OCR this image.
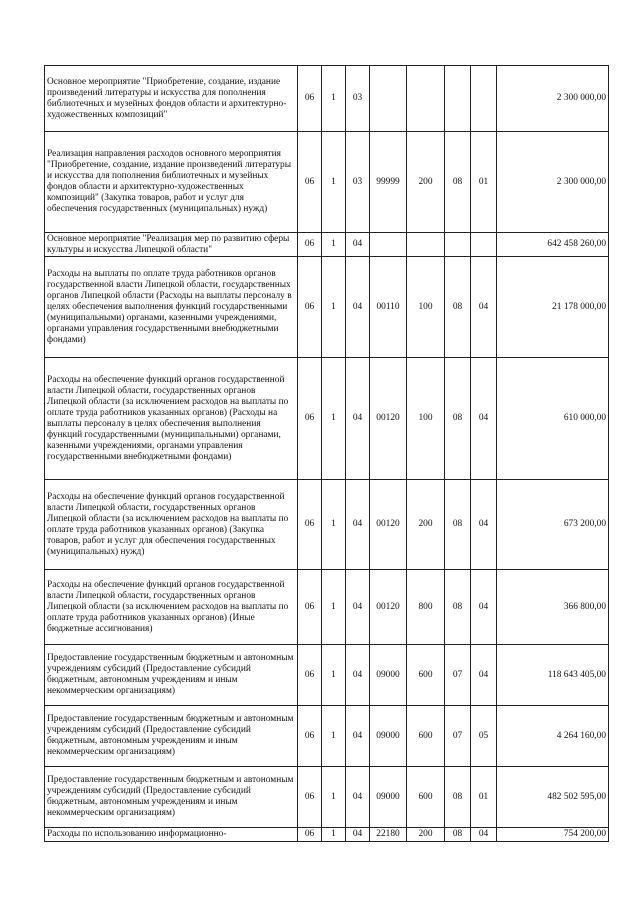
Основное мероприятие "Приобретение, создание, издание произведений литературы и искусства для пополнения библиотечных и музейных фондов области и архитектурно-художественных композиций"	06	1	03					2 300 000,00
Реализация направления расходов основного мероприятия "Приобретение, создание, издание произведений литературы и искусства для пополнения библиотечных и музейных фондов области и архитектурно-художественных композиций" (Закупка товаров, работ и услуг для обеспечения государственных (муниципальных) нужд)	06	1	03	99999	200	08	01	2 300 000,00
Основное мероприятие "Реализация мер по развитию сферы культуры и искусства Липецкой области"	06	1	04					642 458 260,00
Расходы на выплаты по оплате труда работников органов государственной власти Липецкой области, государственных органов Липецкой области (Расходы на выплаты персоналу в целях обеспечения выполнения функций государственными (муниципальными) органами, казенными учреждениями, органами управления государственными внебюджетными фондами)	06	1	04	00110	100	08	04	21 178 000,00
Расходы на обеспечение функций органов государственной власти Липецкой области, государственных органов Липецкой области (за исключением расходов на выплаты по оплате труда работников указанных органов) (Расходы на выплаты персоналу в целях обеспечения выполнения функций государственными (муниципальными) органами, казенными учреждениями, органами управления государственными внебюджетными фондами)	06	1	04	00120	100	08	04	610 000,00
Расходы на обеспечение функций органов государственной власти Липецкой области, государственных органов Липецкой области (за исключением расходов на выплаты по оплате труда работников указанных органов) (Закупка товаров, работ и услуг для обеспечения государственных (муниципальных) нужд)	06	1	04	00120	200	08	04	673 200,00
Расходы на обеспечение функций органов государственной власти Липецкой области, государственных органов Липецкой области (за исключением расходов на выплаты по оплате труда работников указанных органов) (Иные бюджетные ассигнования)	06	1	04	00120	800	08	04	366 800,00
Предоставление государственным бюджетным и автономным учреждениям субсидий (Предоставление субсидий бюджетным, автономным учреждениям и иным некоммерческим организациям)	06	1	04	09000	600	07	04	118 643 405,00
Предоставление государственным бюджетным и автономным учреждениям субсидий (Предоставление субсидий бюджетным, автономным учреждениям и иным некоммерческим организациям)	06	1	04	09000	600	07	05	4 264 160,00
Предоставление государственным бюджетным и автономным учреждениям субсидий (Предоставление субсидий бюджетным, автономным учреждениям и иным некоммерческим организациям)	06	1	04	09000	600	08	01	482 502 595,00
Расходы по использованию информационно-	06	1	04	22180	200	08	04	754 200,00
